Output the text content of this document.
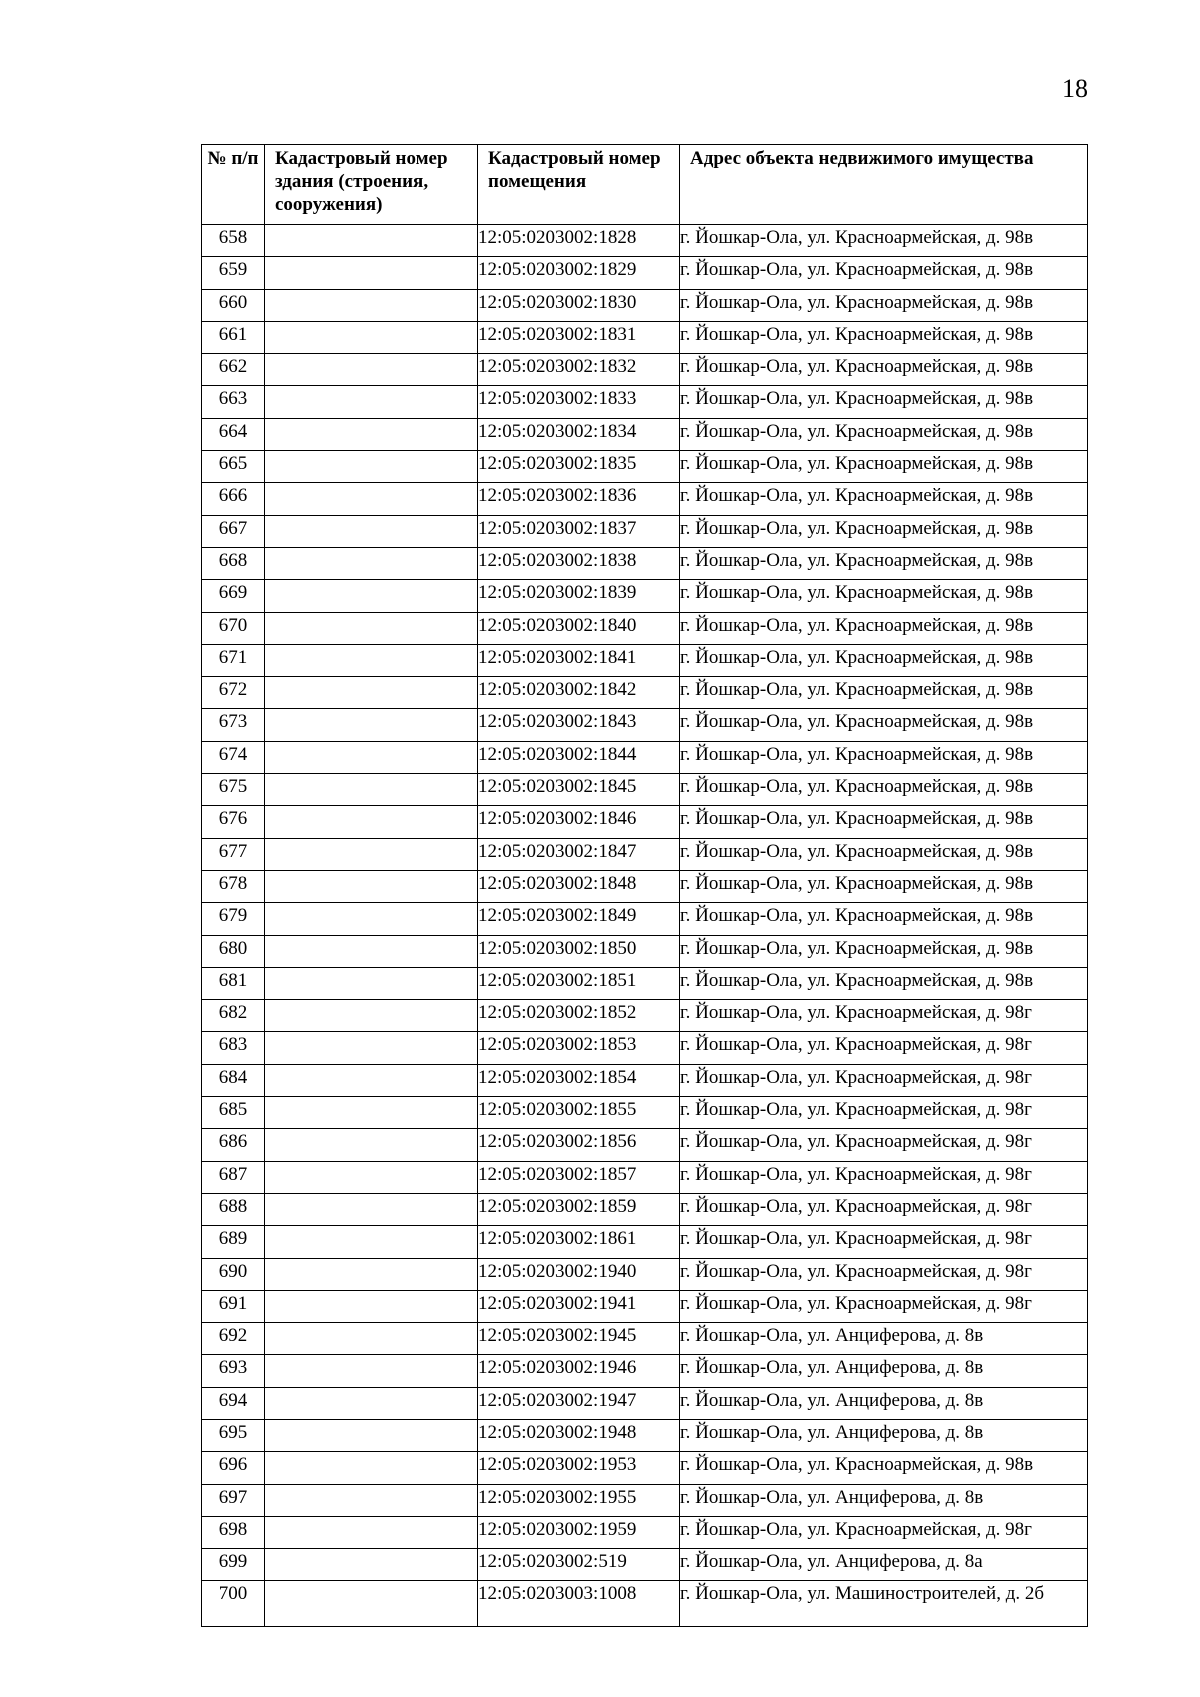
18
№ п/п	Кадастровый номер здания (строения, сооружения)	Кадастровый номер помещения	Адрес объекта недвижимого имущества
658		12:05:0203002:1828	г. Йошкар-Ола, ул. Красноармейская, д. 98в
659		12:05:0203002:1829	г. Йошкар-Ола, ул. Красноармейская, д. 98в
660		12:05:0203002:1830	г. Йошкар-Ола, ул. Красноармейская, д. 98в
661		12:05:0203002:1831	г. Йошкар-Ола, ул. Красноармейская, д. 98в
662		12:05:0203002:1832	г. Йошкар-Ола, ул. Красноармейская, д. 98в
663		12:05:0203002:1833	г. Йошкар-Ола, ул. Красноармейская, д. 98в
664		12:05:0203002:1834	г. Йошкар-Ола, ул. Красноармейская, д. 98в
665		12:05:0203002:1835	г. Йошкар-Ола, ул. Красноармейская, д. 98в
666		12:05:0203002:1836	г. Йошкар-Ола, ул. Красноармейская, д. 98в
667		12:05:0203002:1837	г. Йошкар-Ола, ул. Красноармейская, д. 98в
668		12:05:0203002:1838	г. Йошкар-Ола, ул. Красноармейская, д. 98в
669		12:05:0203002:1839	г. Йошкар-Ола, ул. Красноармейская, д. 98в
670		12:05:0203002:1840	г. Йошкар-Ола, ул. Красноармейская, д. 98в
671		12:05:0203002:1841	г. Йошкар-Ола, ул. Красноармейская, д. 98в
672		12:05:0203002:1842	г. Йошкар-Ола, ул. Красноармейская, д. 98в
673		12:05:0203002:1843	г. Йошкар-Ола, ул. Красноармейская, д. 98в
674		12:05:0203002:1844	г. Йошкар-Ола, ул. Красноармейская, д. 98в
675		12:05:0203002:1845	г. Йошкар-Ола, ул. Красноармейская, д. 98в
676		12:05:0203002:1846	г. Йошкар-Ола, ул. Красноармейская, д. 98в
677		12:05:0203002:1847	г. Йошкар-Ола, ул. Красноармейская, д. 98в
678		12:05:0203002:1848	г. Йошкар-Ола, ул. Красноармейская, д. 98в
679		12:05:0203002:1849	г. Йошкар-Ола, ул. Красноармейская, д. 98в
680		12:05:0203002:1850	г. Йошкар-Ола, ул. Красноармейская, д. 98в
681		12:05:0203002:1851	г. Йошкар-Ола, ул. Красноармейская, д. 98в
682		12:05:0203002:1852	г. Йошкар-Ола, ул. Красноармейская, д. 98г
683		12:05:0203002:1853	г. Йошкар-Ола, ул. Красноармейская, д. 98г
684		12:05:0203002:1854	г. Йошкар-Ола, ул. Красноармейская, д. 98г
685		12:05:0203002:1855	г. Йошкар-Ола, ул. Красноармейская, д. 98г
686		12:05:0203002:1856	г. Йошкар-Ола, ул. Красноармейская, д. 98г
687		12:05:0203002:1857	г. Йошкар-Ола, ул. Красноармейская, д. 98г
688		12:05:0203002:1859	г. Йошкар-Ола, ул. Красноармейская, д. 98г
689		12:05:0203002:1861	г. Йошкар-Ола, ул. Красноармейская, д. 98г
690		12:05:0203002:1940	г. Йошкар-Ола, ул. Красноармейская, д. 98г
691		12:05:0203002:1941	г. Йошкар-Ола, ул. Красноармейская, д. 98г
692		12:05:0203002:1945	г. Йошкар-Ола, ул. Анциферова, д. 8в
693		12:05:0203002:1946	г. Йошкар-Ола, ул. Анциферова, д. 8в
694		12:05:0203002:1947	г. Йошкар-Ола, ул. Анциферова, д. 8в
695		12:05:0203002:1948	г. Йошкар-Ола, ул. Анциферова, д. 8в
696		12:05:0203002:1953	г. Йошкар-Ола, ул. Красноармейская, д. 98в
697		12:05:0203002:1955	г. Йошкар-Ола, ул. Анциферова, д. 8в
698		12:05:0203002:1959	г. Йошкар-Ола, ул. Красноармейская, д. 98г
699		12:05:0203002:519	г. Йошкар-Ола, ул. Анциферова, д. 8а
700		12:05:0203003:1008	г. Йошкар-Ола, ул. Машиностроителей, д. 2б
